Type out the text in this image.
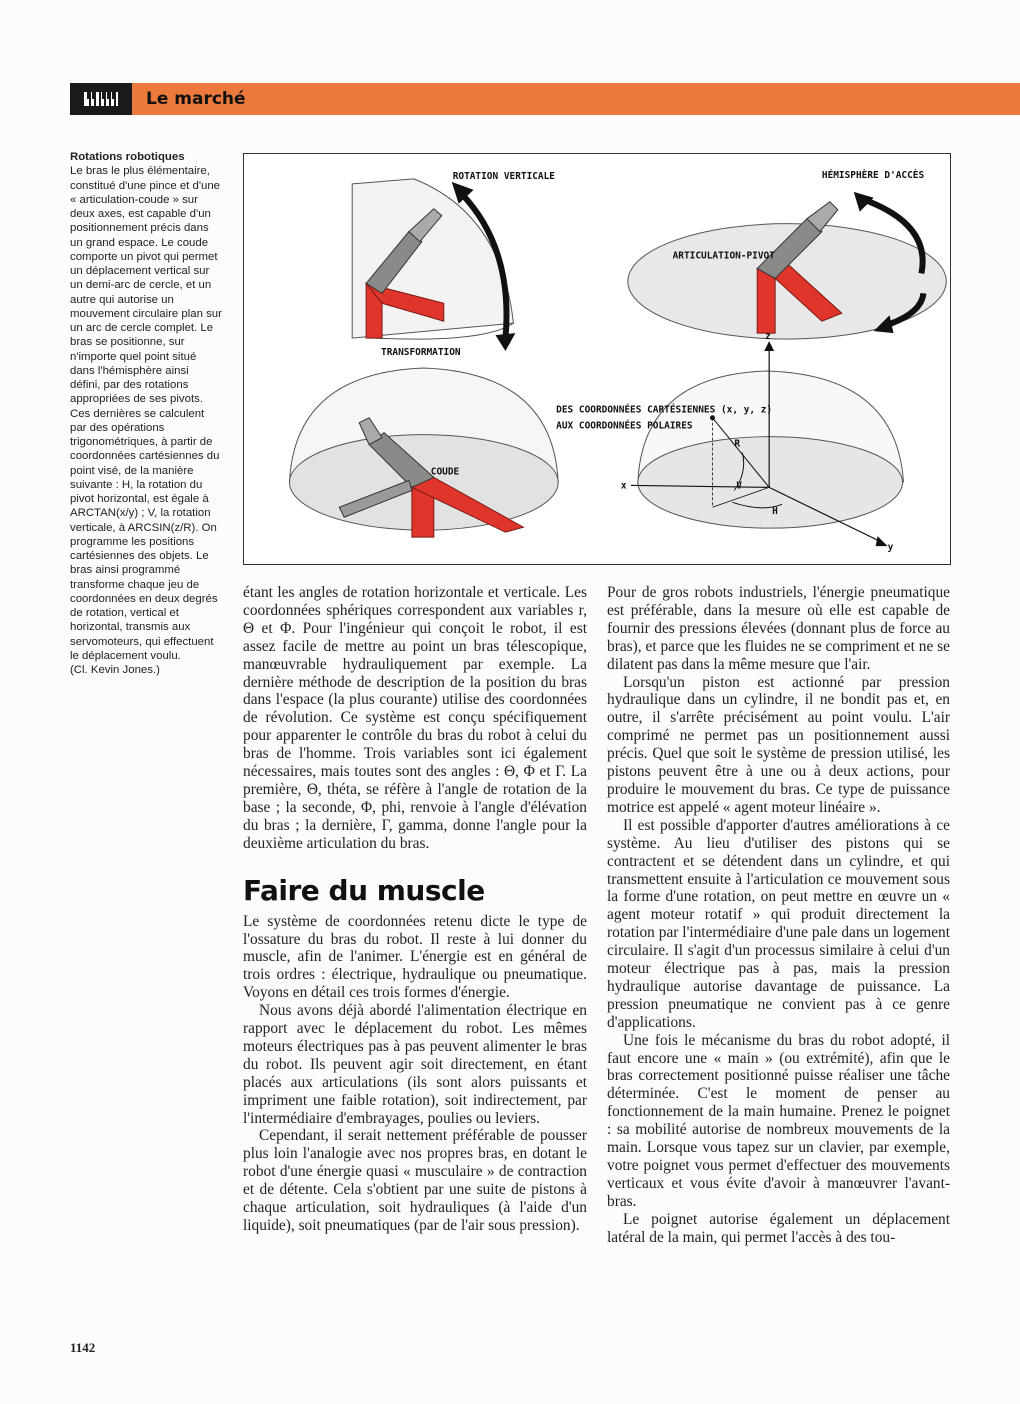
Le marché
Rotations robotiques
Le bras le plus élémentaire, constitué d'une pince et d'une « articulation-coude » sur deux axes, est capable d'un positionnement précis dans un grand espace. Le coude comporte un pivot qui permet un déplacement vertical sur un demi-arc de cercle, et un autre qui autorise un mouvement circulaire plan sur un arc de cercle complet. Le bras se positionne, sur n'importe quel point situé dans l'hémisphère ainsi défini, par des rotations appropriées de ses pivots. Ces dernières se calculent par des opérations trigonométriques, à partir de coordonnées cartésiennes du point visé, de la manière suivante : H, la rotation du pivot horizontal, est égale à ARCTAN(x/y) ; V, la rotation verticale, à ARCSIN(z/R). On programme les positions cartésiennes des objets. Le bras ainsi programmé transforme chaque jeu de coordonnées en deux degrés de rotation, vertical et horizontal, transmis aux servomoteurs, qui effectuent le déplacement voulu.
(Cl. Kevin Jones.)
ROTATION VERTICALE
TRANSFORMATION
HÉMISPHÈRE D'ACCÈS
ARTICULATION-PIVOT
COUDE
z
x
y
R
V
H
DES COORDONNÉES CARTÉSIENNES (x, y, z)
AUX COORDONNÉES POLAIRES

étant les angles de rotation horizontale et verticale. Les coordonnées sphériques correspondent aux variables r, Θ et Φ. Pour l'ingénieur qui conçoit le robot, il est assez facile de mettre au point un bras télescopique, manœuvrable hydrauliquement par exemple. La dernière méthode de description de la position du bras dans l'espace (la plus courante) utilise des coordonnées de révolution. Ce système est conçu spécifiquement pour apparenter le contrôle du bras du robot à celui du bras de l'homme. Trois variables sont ici également nécessaires, mais toutes sont des angles : Θ, Φ et Γ. La première, Θ, théta, se réfère à l'angle de rotation de la base ; la seconde, Φ, phi, renvoie à l'angle d'élévation du bras ; la dernière, Γ, gamma, donne l'angle pour la deuxième articulation du bras.

Faire du muscle

Le système de coordonnées retenu dicte le type de l'ossature du bras du robot. Il reste à lui donner du muscle, afin de l'animer. L'énergie est en général de trois ordres : électrique, hydraulique ou pneumatique. Voyons en détail ces trois formes d'énergie.

Nous avons déjà abordé l'alimentation électrique en rapport avec le déplacement du robot. Les mêmes moteurs électriques pas à pas peuvent alimenter le bras du robot. Ils peuvent agir soit directement, en étant placés aux articulations (ils sont alors puissants et impriment une faible rotation), soit indirectement, par l'intermédiaire d'embrayages, poulies ou leviers.

Cependant, il serait nettement préférable de pousser plus loin l'analogie avec nos propres bras, en dotant le robot d'une énergie quasi « musculaire » de contraction et de détente. Cela s'obtient par une suite de pistons à chaque articulation, soit hydrauliques (à l'aide d'un liquide), soit pneumatiques (par de l'air sous pression).

Pour de gros robots industriels, l'énergie pneumatique est préférable, dans la mesure où elle est capable de fournir des pressions élevées (donnant plus de force au bras), et parce que les fluides ne se compriment et ne se dilatent pas dans la même mesure que l'air.

Lorsqu'un piston est actionné par pression hydraulique dans un cylindre, il ne bondit pas et, en outre, il s'arrête précisément au point voulu. L'air comprimé ne permet pas un positionnement aussi précis. Quel que soit le système de pression utilisé, les pistons peuvent être à une ou à deux actions, pour produire le mouvement du bras. Ce type de puissance motrice est appelé « agent moteur linéaire ».

Il est possible d'apporter d'autres améliorations à ce système. Au lieu d'utiliser des pistons qui se contractent et se détendent dans un cylindre, et qui transmettent ensuite à l'articulation ce mouvement sous la forme d'une rotation, on peut mettre en œuvre un « agent moteur rotatif » qui produit directement la rotation par l'intermédiaire d'une pale dans un logement circulaire. Il s'agit d'un processus similaire à celui d'un moteur électrique pas à pas, mais la pression hydraulique autorise davantage de puissance. La pression pneumatique ne convient pas à ce genre d'applications.

Une fois le mécanisme du bras du robot adopté, il faut encore une « main » (ou extrémité), afin que le bras correctement positionné puisse réaliser une tâche déterminée. C'est le moment de penser au fonctionnement de la main humaine. Prenez le poignet : sa mobilité autorise de nombreux mouvements de la main. Lorsque vous tapez sur un clavier, par exemple, votre poignet vous permet d'effectuer des mouvements verticaux et vous évite d'avoir à manœuvrer l'avant-bras.

Le poignet autorise également un déplacement latéral de la main, qui permet l'accès à des tou-

1142
